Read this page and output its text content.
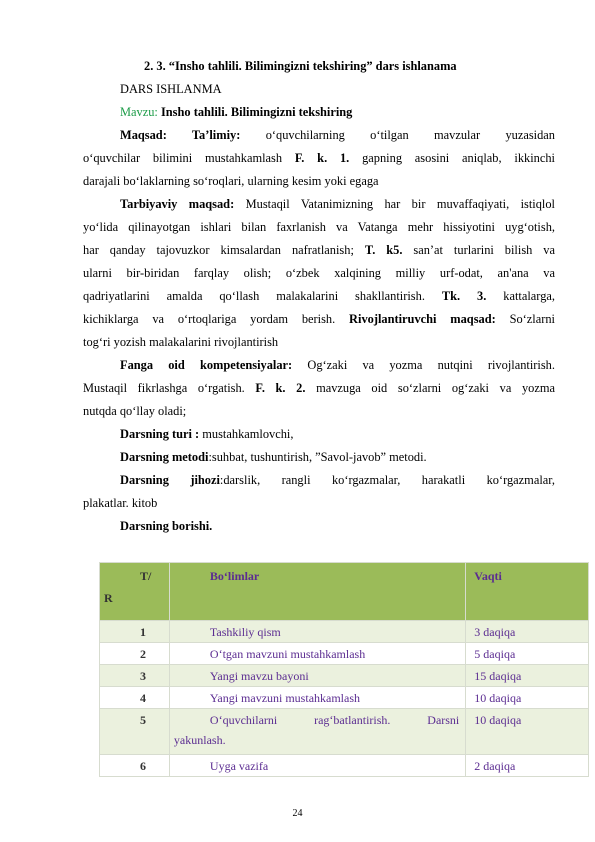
2. 3. “Insho tahlili. Bilimingizni tekshiring” dars ishlanama
DARS ISHLANMA
Mavzu: Insho tahlili. Bilimingizni tekshiring
Maqsad: Ta’limiy: o‘quvchilarning o‘tilgan mavzular yuzasidan
o‘quvchilar bilimini mustahkamlash F. k. 1. gapning asosini aniqlab, ikkinchi
darajali bo‘laklarning so‘roqlari, ularning kesim yoki egaga
Tarbiyaviy maqsad: Mustaqil Vatanimizning har bir muvaffaqiyati, istiqlol
yo‘lida qilinayotgan ishlari bilan faxrlanish va Vatanga mehr hissiyotini uyg‘otish,
har qanday tajovuzkor kimsalardan nafratlanish; T. k5. san’at turlarini bilish va
ularni bir-biridan farqlay olish; o‘zbek xalqining milliy urf-odat, an'ana va
qadriyatlarini amalda qo‘llash malakalarini shakllantirish. Tk. 3. kattalarga,
kichiklarga va o‘rtoqlariga yordam berish. Rivojlantiruvchi maqsad: So‘zlarni
tog‘ri yozish malakalarini rivojlantirish
Fanga oid kompetensiyalar: Og‘zaki va yozma nutqini rivojlantirish.
Mustaqil fikrlashga o‘rgatish. F. k. 2. mavzuga oid so‘zlarni og‘zaki va yozma
nutqda qo‘llay oladi;
Darsning turi : mustahkamlovchi,
Darsning metodi:suhbat, tushuntirish, ”Savol-javob” metodi.
Darsning jihozi:darslik, rangli ko‘rgazmalar, harakatli ko‘rgazmalar,
plakatlar. kitob
Darsning borishi.
T/
R	Bo‘limlar	Vaqti
1	Tashkiliy qism	3 daqiqa
2	O‘tgan mavzuni mustahkamlash	5 daqiqa
3	Yangi mavzu bayoni	15 daqiqa
4	Yangi mavzuni mustahkamlash	10 daqiqa
5	O‘quvchilarni rag‘batlantirish. Darsni
yakunlash.	10 daqiqa
6	Uyga vazifa	2 daqiqa
24
